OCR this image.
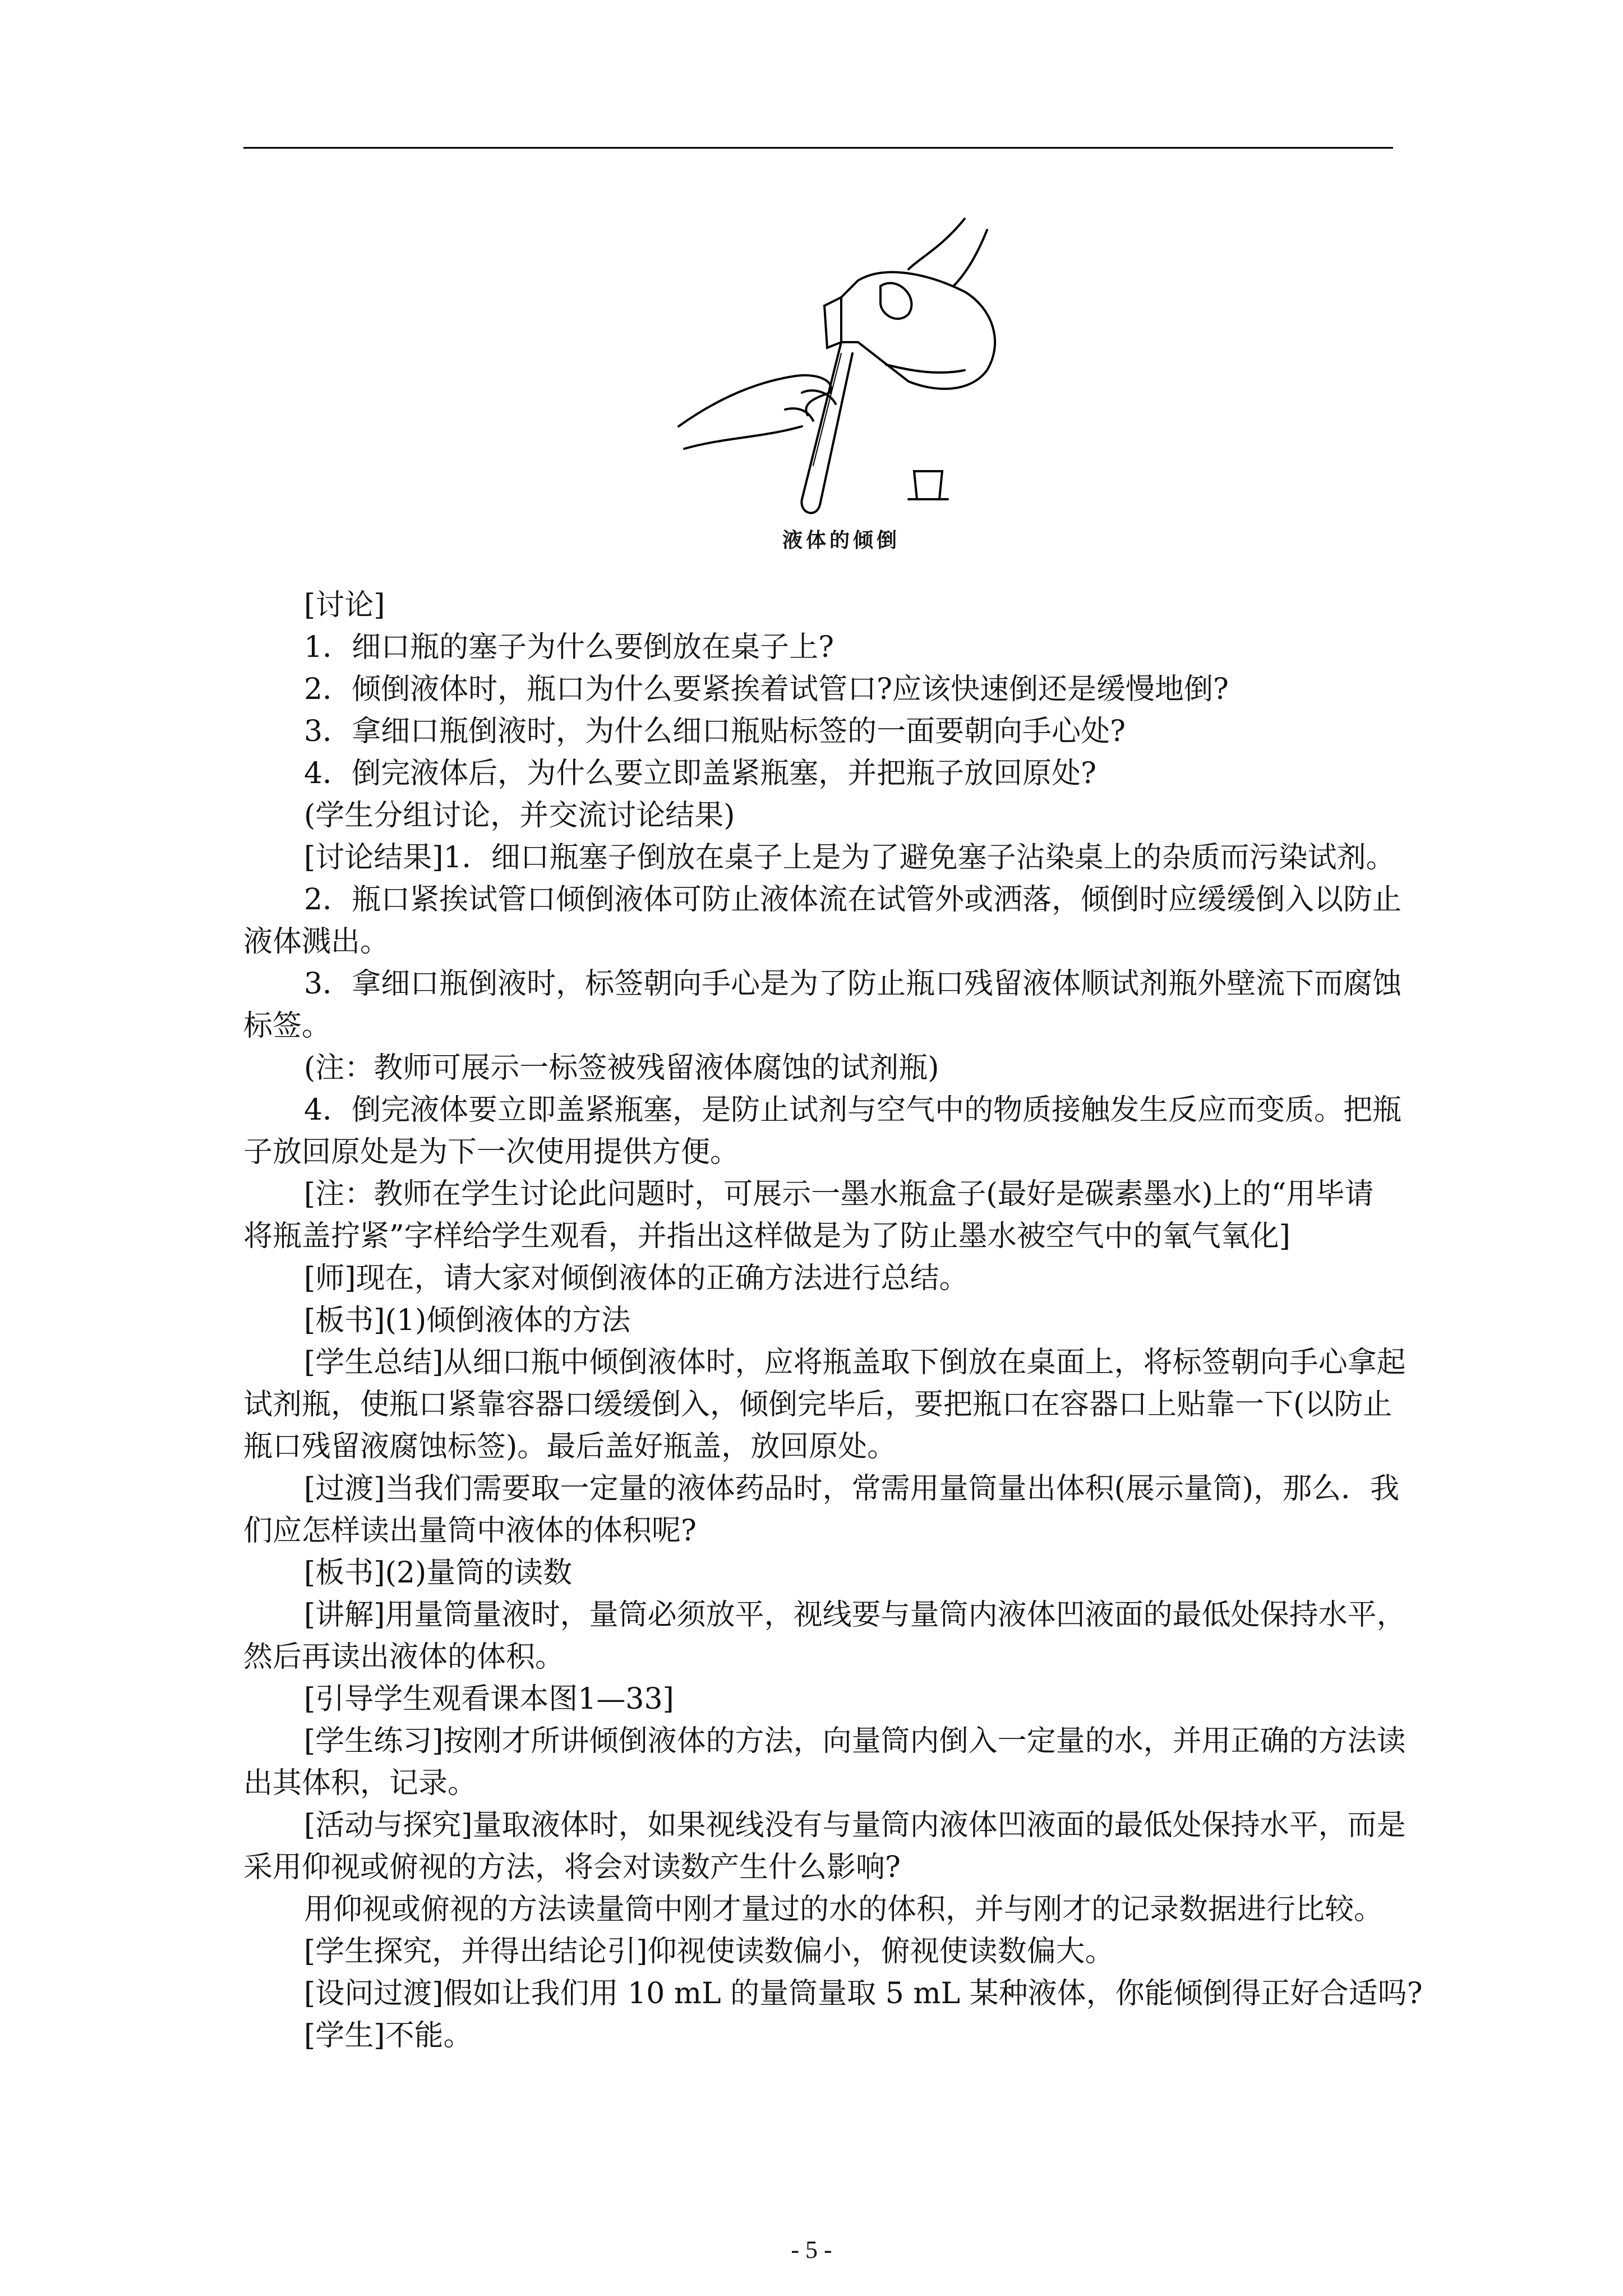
液体的倾倒
[讨论]
1．细口瓶的塞子为什么要倒放在桌子上?
2．倾倒液体时，瓶口为什么要紧挨着试管口?应该快速倒还是缓慢地倒?
3．拿细口瓶倒液时，为什么细口瓶贴标签的一面要朝向手心处?
4．倒完液体后，为什么要立即盖紧瓶塞，并把瓶子放回原处?
(学生分组讨论，并交流讨论结果)
[讨论结果]1．细口瓶塞子倒放在桌子上是为了避免塞子沾染桌上的杂质而污染试剂。
2．瓶口紧挨试管口倾倒液体可防止液体流在试管外或洒落，倾倒时应缓缓倒入以防止
液体溅出。
3．拿细口瓶倒液时，标签朝向手心是为了防止瓶口残留液体顺试剂瓶外壁流下而腐蚀
标签。
(注：教师可展示一标签被残留液体腐蚀的试剂瓶)
4．倒完液体要立即盖紧瓶塞，是防止试剂与空气中的物质接触发生反应而变质。把瓶
子放回原处是为下一次使用提供方便。
[注：教师在学生讨论此问题时，可展示一墨水瓶盒子(最好是碳素墨水)上的“用毕请
将瓶盖拧紧”字样给学生观看，并指出这样做是为了防止墨水被空气中的氧气氧化]
[师]现在，请大家对倾倒液体的正确方法进行总结。
[板书](1)倾倒液体的方法
[学生总结]从细口瓶中倾倒液体时，应将瓶盖取下倒放在桌面上，将标签朝向手心拿起
试剂瓶，使瓶口紧靠容器口缓缓倒入，倾倒完毕后，要把瓶口在容器口上贴靠一下(以防止
瓶口残留液腐蚀标签)。最后盖好瓶盖，放回原处。
[过渡]当我们需要取一定量的液体药品时，常需用量筒量出体积(展示量筒)，那么．我
们应怎样读出量筒中液体的体积呢?
[板书](2)量筒的读数
[讲解]用量筒量液时，量筒必须放平，视线要与量筒内液体凹液面的最低处保持水平，
然后再读出液体的体积。
[引导学生观看课本图1—33]
[学生练习]按刚才所讲倾倒液体的方法，向量筒内倒入一定量的水，并用正确的方法读
出其体积，记录。
[活动与探究]量取液体时，如果视线没有与量筒内液体凹液面的最低处保持水平，而是
采用仰视或俯视的方法，将会对读数产生什么影响?
用仰视或俯视的方法读量筒中刚才量过的水的体积，并与刚才的记录数据进行比较。
[学生探究，并得出结论引]仰视使读数偏小，俯视使读数偏大。
[设问过渡]假如让我们用 10 mL 的量筒量取 5 mL 某种液体，你能倾倒得正好合适吗?
[学生]不能。
- 5 -
